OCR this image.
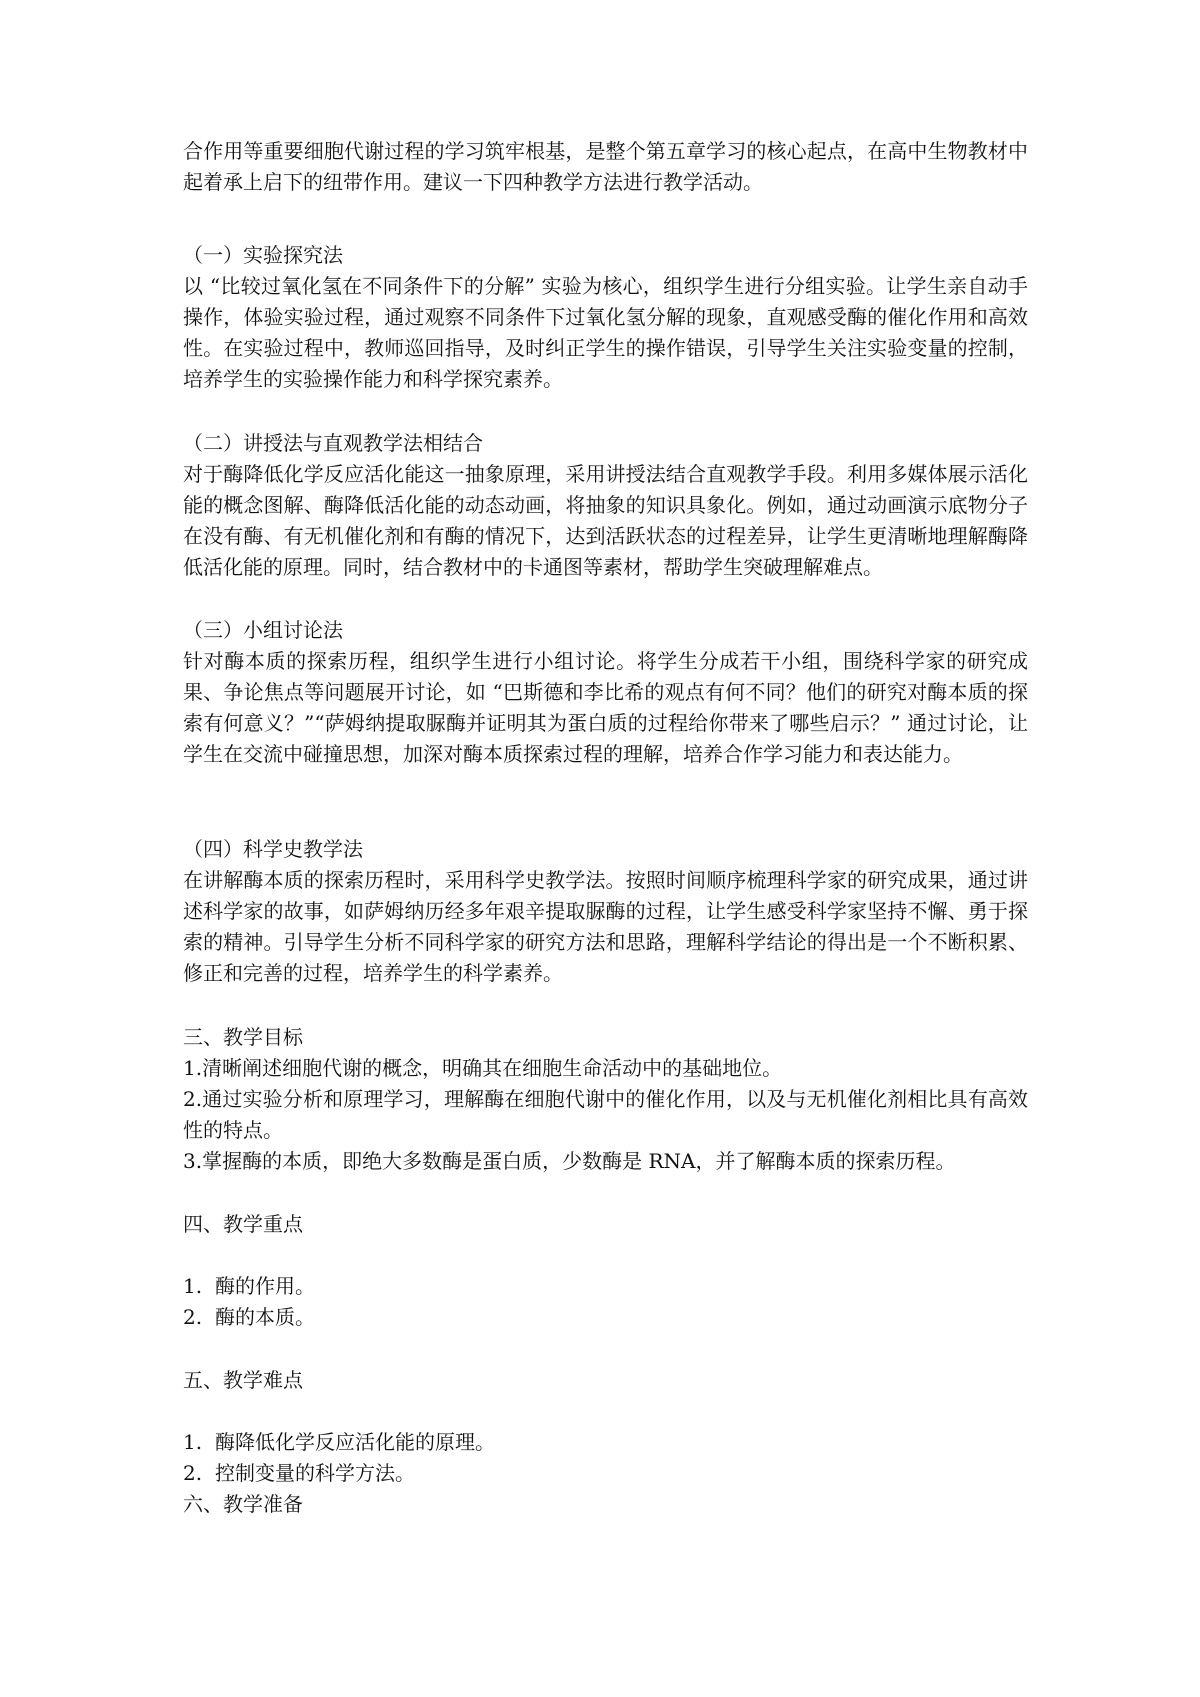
合作用等重要细胞代谢过程的学习筑牢根基，是整个第五章学习的核心起点，在高中生物教材中起着承上启下的纽带作用。建议一下四种教学方法进行教学活动。

（一）实验探究法

以 “比较过氧化氢在不同条件下的分解” 实验为核心，组织学生进行分组实验。让学生亲自动手操作，体验实验过程，通过观察不同条件下过氧化氢分解的现象，直观感受酶的催化作用和高效性。在实验过程中，教师巡回指导，及时纠正学生的操作错误，引导学生关注实验变量的控制，培养学生的实验操作能力和科学探究素养。

（二）讲授法与直观教学法相结合

对于酶降低化学反应活化能这一抽象原理，采用讲授法结合直观教学手段。利用多媒体展示活化能的概念图解、酶降低活化能的动态动画，将抽象的知识具象化。例如，通过动画演示底物分子在没有酶、有无机催化剂和有酶的情况下，达到活跃状态的过程差异，让学生更清晰地理解酶降低活化能的原理。同时，结合教材中的卡通图等素材，帮助学生突破理解难点。

（三）小组讨论法

针对酶本质的探索历程，组织学生进行小组讨论。将学生分成若干小组，围绕科学家的研究成果、争论焦点等问题展开讨论，如 “巴斯德和李比希的观点有何不同？他们的研究对酶本质的探索有何意义？”“萨姆纳提取脲酶并证明其为蛋白质的过程给你带来了哪些启示？” 通过讨论，让学生在交流中碰撞思想，加深对酶本质探索过程的理解，培养合作学习能力和表达能力。

（四）科学史教学法

在讲解酶本质的探索历程时，采用科学史教学法。按照时间顺序梳理科学家的研究成果，通过讲述科学家的故事，如萨姆纳历经多年艰辛提取脲酶的过程，让学生感受科学家坚持不懈、勇于探索的精神。引导学生分析不同科学家的研究方法和思路，理解科学结论的得出是一个不断积累、修正和完善的过程，培养学生的科学素养。

三、教学目标

1.清晰阐述细胞代谢的概念，明确其在细胞生命活动中的基础地位。

2.通过实验分析和原理学习，理解酶在细胞代谢中的催化作用，以及与无机催化剂相比具有高效性的特点。

3.掌握酶的本质，即绝大多数酶是蛋白质，少数酶是 RNA，并了解酶本质的探索历程。

四、教学重点

1. 酶的作用。
2. 酶的本质。

五、教学难点

1. 酶降低化学反应活化能的原理。
2. 控制变量的科学方法。

六、教学准备
